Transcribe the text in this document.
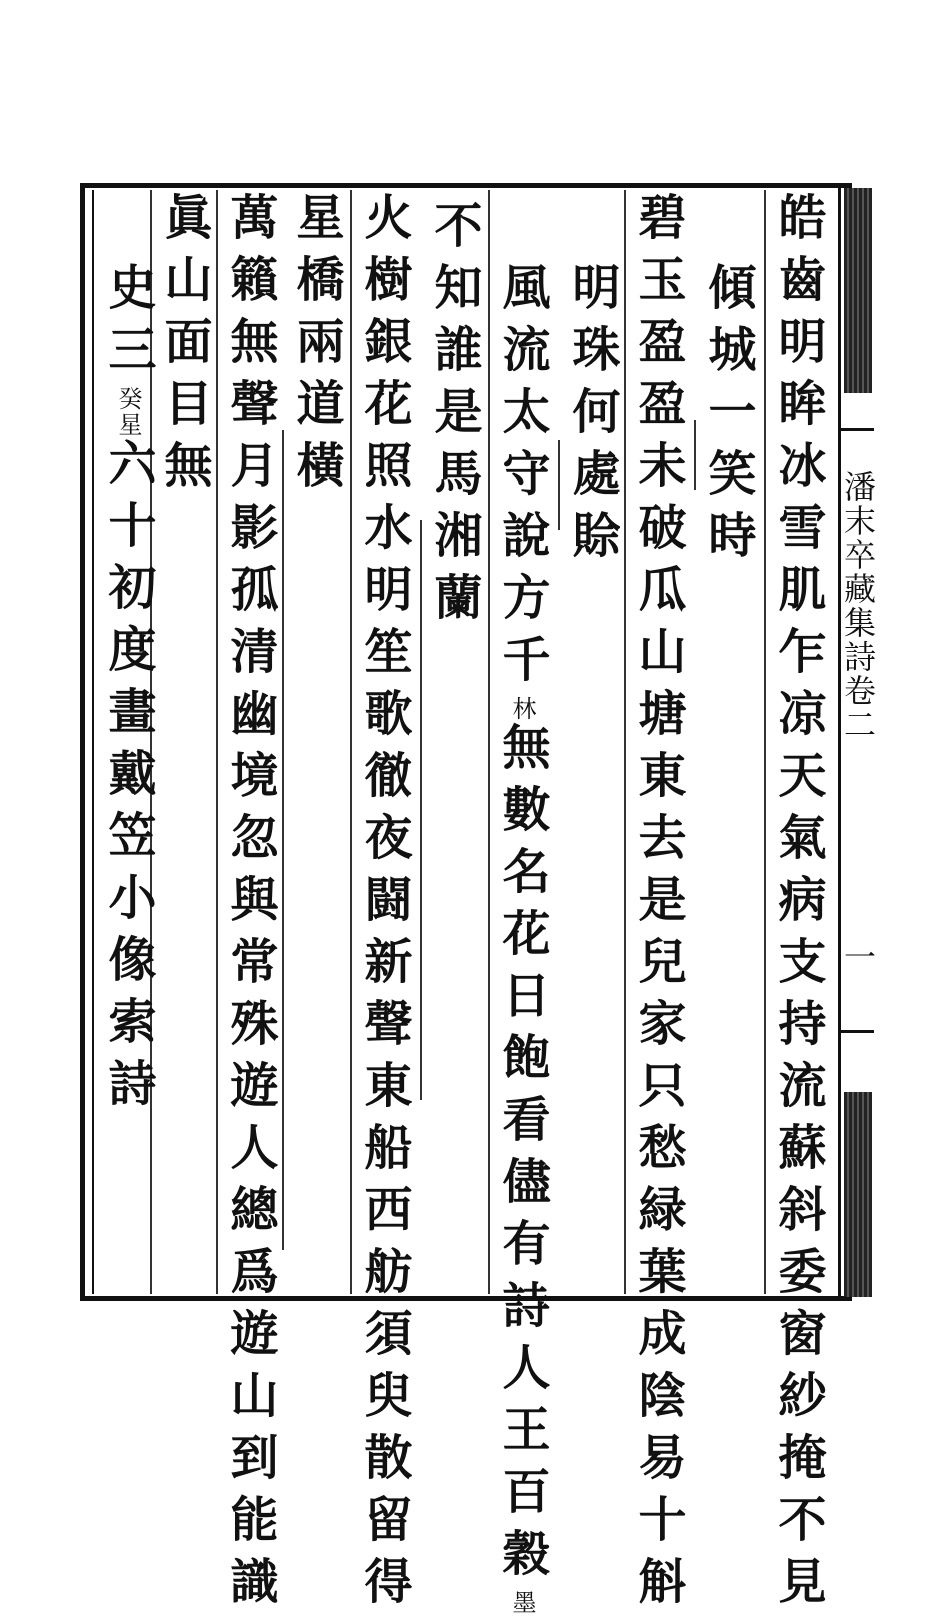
潘末卒藏集詩卷二
一
皓齒明眸冰雪肌乍凉天氣病支持流蘇斜委窗紗掩不見
傾城一笑時
碧玉盈盈未破瓜山塘東去是兒家只愁緑葉成陰易十斛
明珠何處賒
風流太守說方千林無數名花日飽看儘有詩人王百穀墨
不知誰是馬湘蘭
火樹銀花照水明笙歌徹夜闘新聲東船西舫須臾散留得
星橋兩道橫
萬籟無聲月影孤清幽境忽與常殊遊人總爲遊山到能識
眞山面目無
史三癸星六十初度畫戴笠小像索詩
